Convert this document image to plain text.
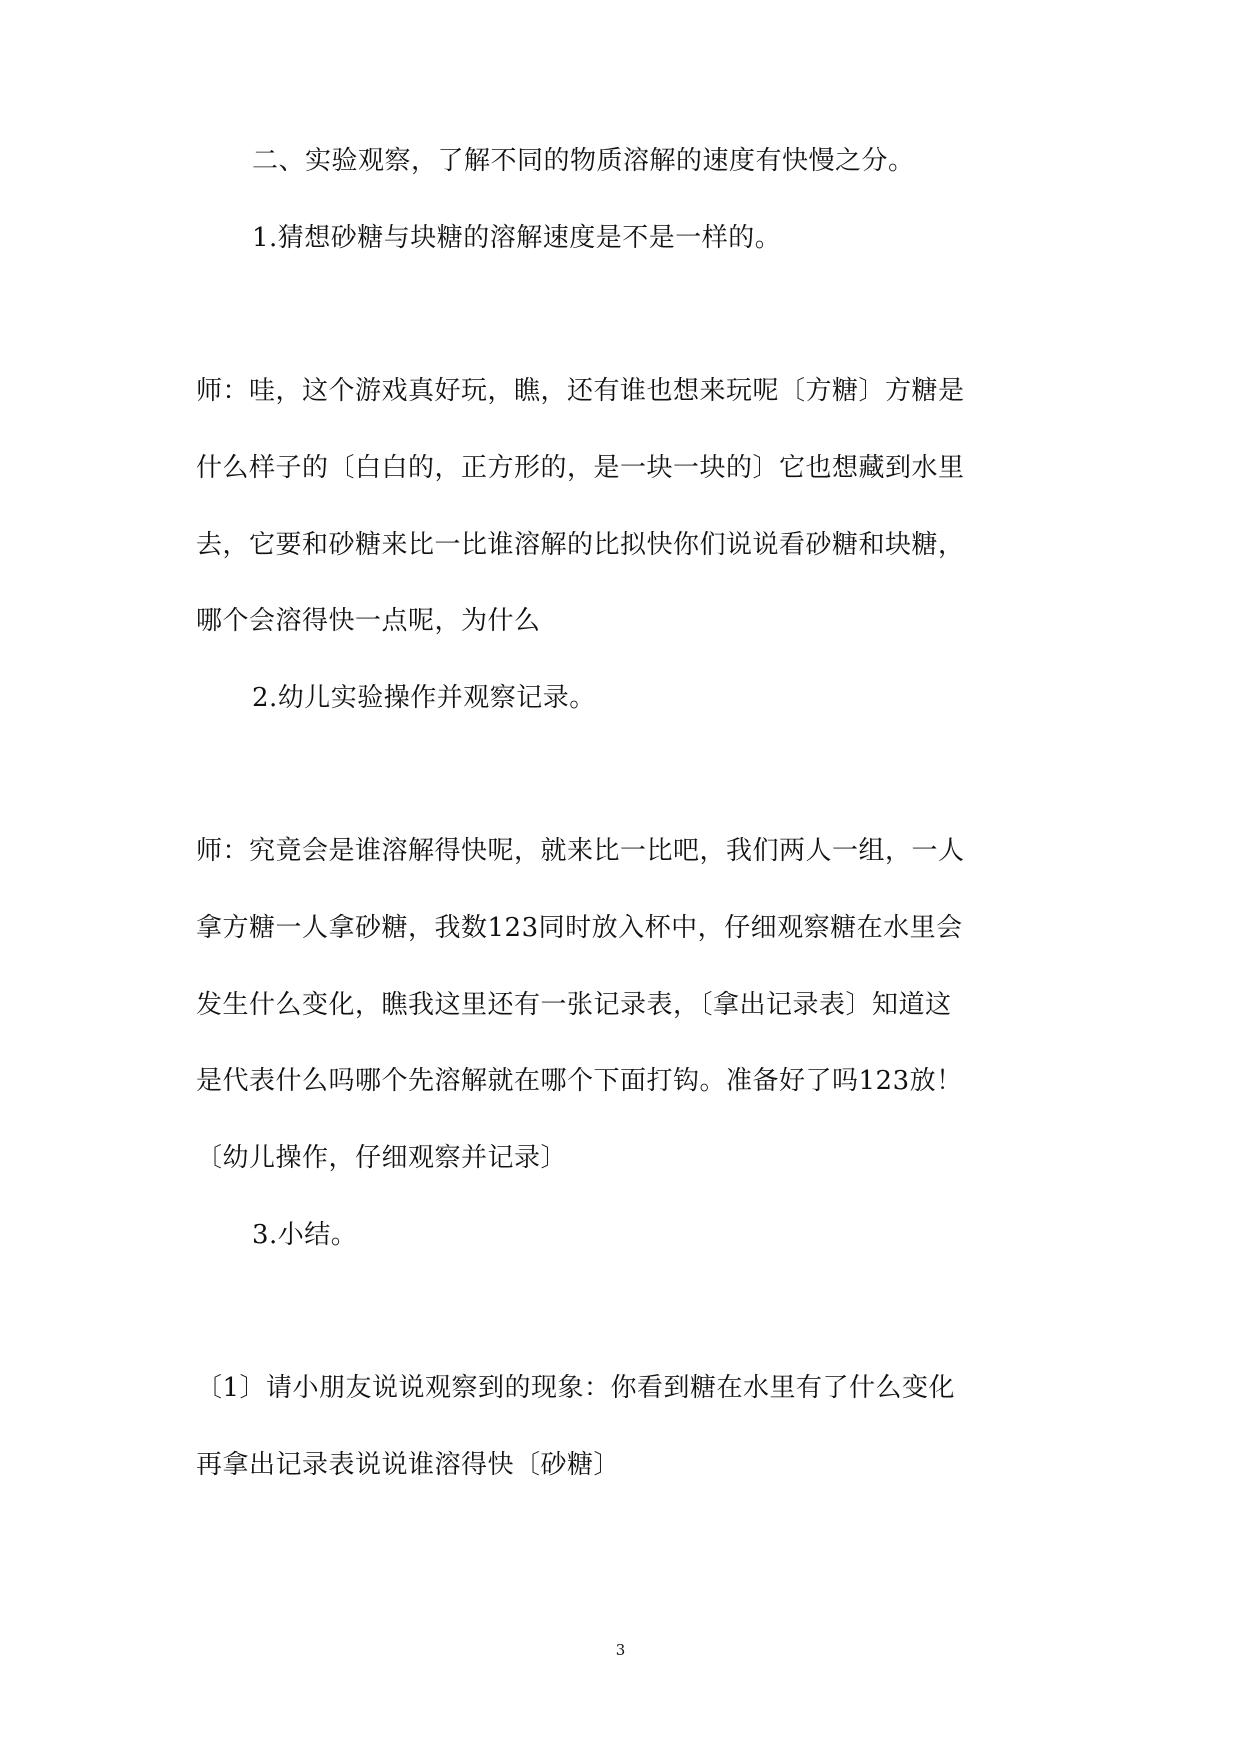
二、实验观察，了解不同的物质溶解的速度有快慢之分。
1.猜想砂糖与块糖的溶解速度是不是一样的。
师：哇，这个游戏真好玩，瞧，还有谁也想来玩呢〔方糖〕方糖是
什么样子的〔白白的，正方形的，是一块一块的〕它也想藏到水里
去，它要和砂糖来比一比谁溶解的比拟快你们说说看砂糖和块糖，
哪个会溶得快一点呢，为什么
2.幼儿实验操作并观察记录。
师：究竟会是谁溶解得快呢，就来比一比吧，我们两人一组，一人
拿方糖一人拿砂糖，我数123同时放入杯中，仔细观察糖在水里会
发生什么变化，瞧我这里还有一张记录表，〔拿出记录表〕知道这
是代表什么吗哪个先溶解就在哪个下面打钩。准备好了吗123放！
〔幼儿操作，仔细观察并记录〕
3.小结。
〔1〕请小朋友说说观察到的现象：你看到糖在水里有了什么变化
再拿出记录表说说谁溶得快〔砂糖〕
3
